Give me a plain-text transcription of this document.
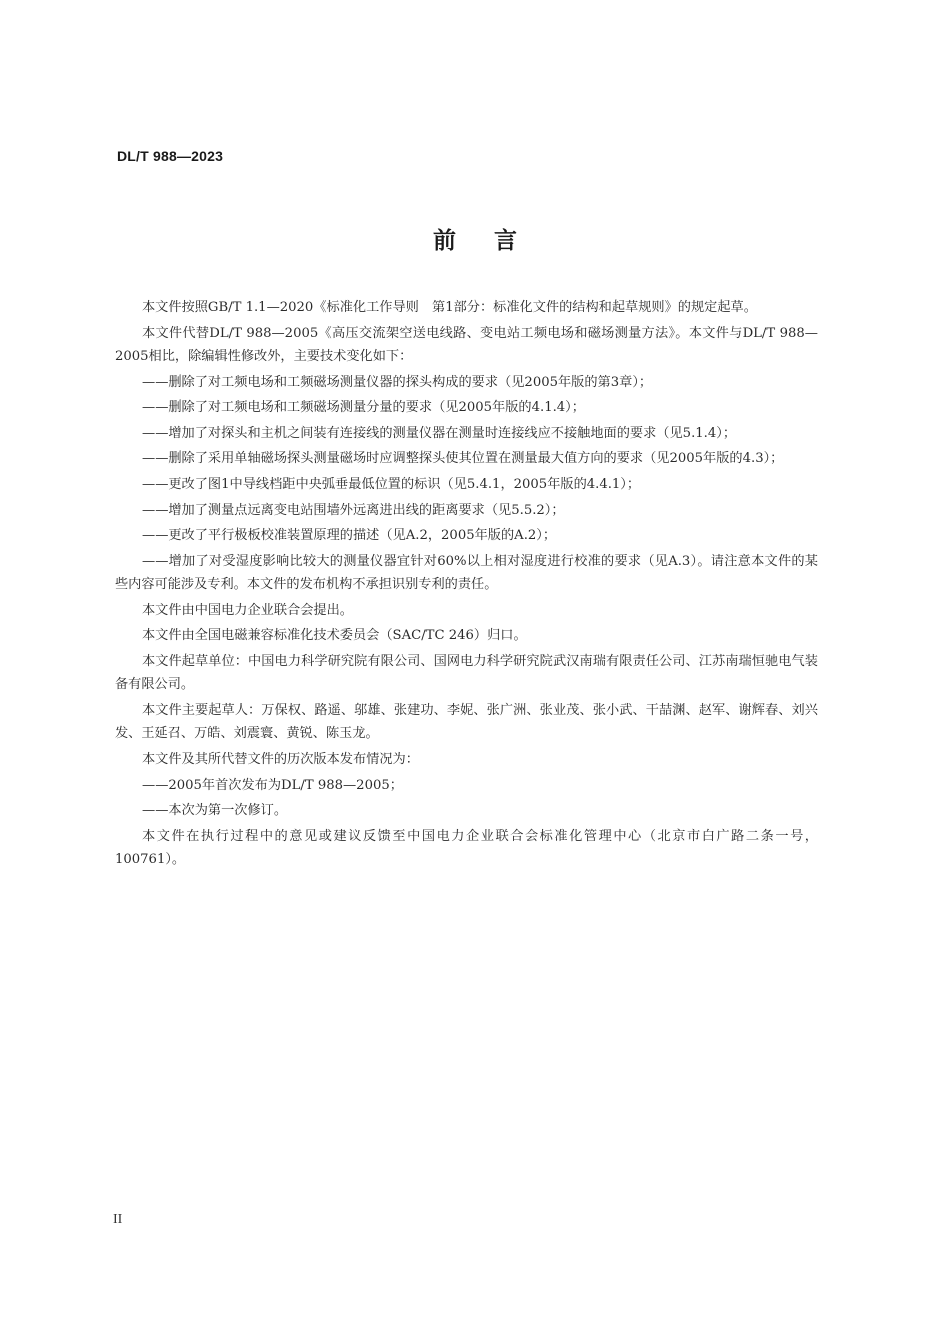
DL/T 988—2023
前言

本文件按照GB/T 1.1—2020《标准化工作导则　第1部分：标准化文件的结构和起草规则》的规定起草。

本文件代替DL/T 988—2005《高压交流架空送电线路、变电站工频电场和磁场测量方法》。本文件与DL/T 988—2005相比，除编辑性修改外，主要技术变化如下：

——删除了对工频电场和工频磁场测量仪器的探头构成的要求（见2005年版的第3章）；

——删除了对工频电场和工频磁场测量分量的要求（见2005年版的4.1.4）；

——增加了对探头和主机之间装有连接线的测量仪器在测量时连接线应不接触地面的要求（见5.1.4）；

——删除了采用单轴磁场探头测量磁场时应调整探头使其位置在测量最大值方向的要求（见2005年版的4.3）；

——更改了图1中导线档距中央弧垂最低位置的标识（见5.4.1，2005年版的4.4.1）；

——增加了测量点远离变电站围墙外远离进出线的距离要求（见5.5.2）；

——更改了平行极板校准装置原理的描述（见A.2，2005年版的A.2）；

——增加了对受湿度影响比较大的测量仪器宜针对60%以上相对湿度进行校准的要求（见A.3）。请注意本文件的某些内容可能涉及专利。本文件的发布机构不承担识别专利的责任。

本文件由中国电力企业联合会提出。

本文件由全国电磁兼容标准化技术委员会（SAC/TC 246）归口。

本文件起草单位：中国电力科学研究院有限公司、国网电力科学研究院武汉南瑞有限责任公司、江苏南瑞恒驰电气装备有限公司。

本文件主要起草人：万保权、路遥、邬雄、张建功、李妮、张广洲、张业茂、张小武、干喆渊、赵军、谢辉春、刘兴发、王延召、万皓、刘震寰、黄锐、陈玉龙。

本文件及其所代替文件的历次版本发布情况为：

——2005年首次发布为DL/T 988—2005；

——本次为第一次修订。

本文件在执行过程中的意见或建议反馈至中国电力企业联合会标准化管理中心（北京市白广路二条一号，100761）。

II
